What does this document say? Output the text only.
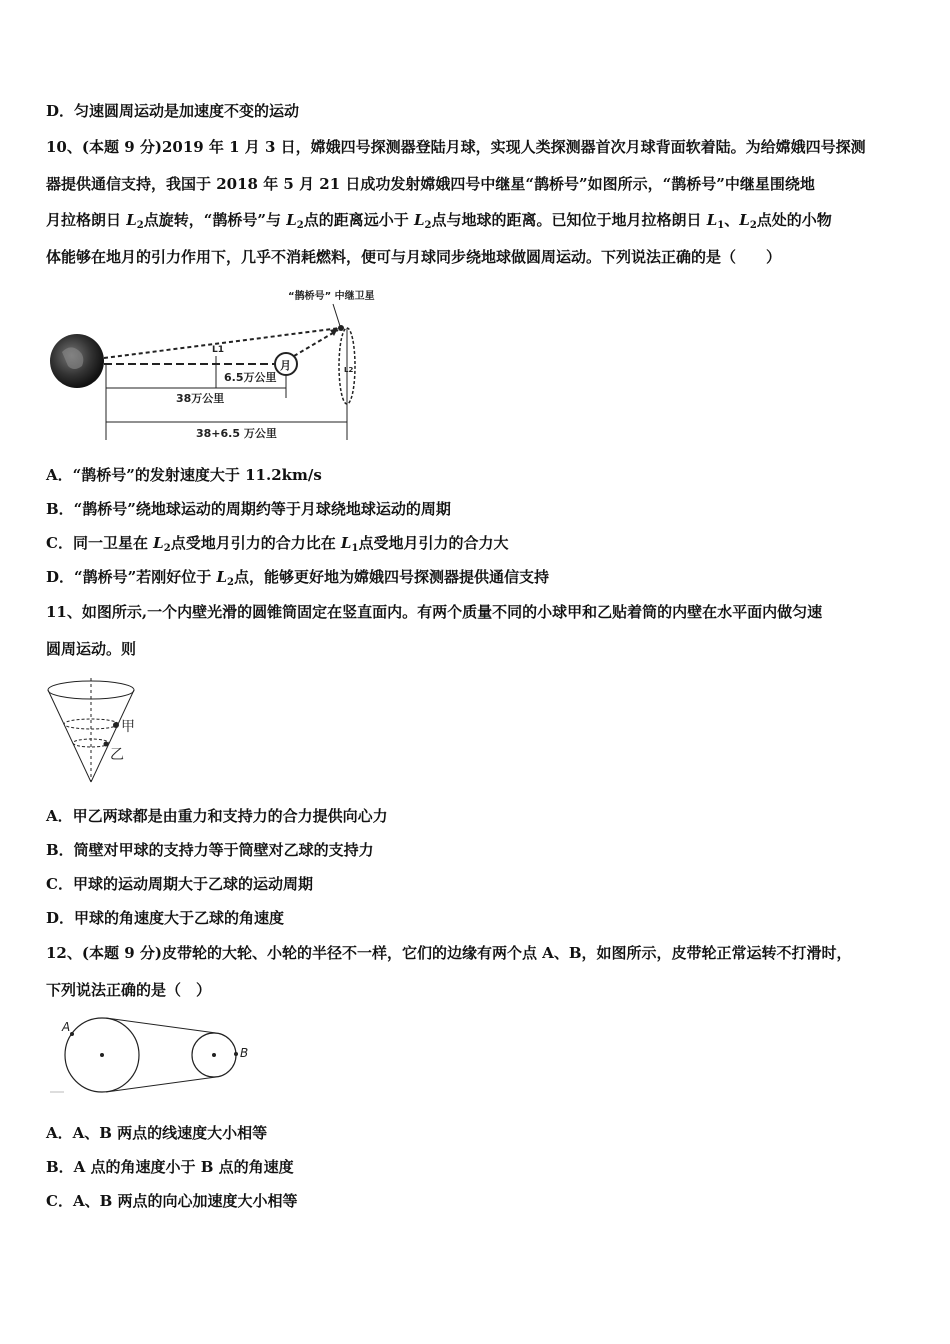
D．匀速圆周运动是加速度不变的运动
10、(本题 9 分)2019 年 1 月 3 日，嫦娥四号探测器登陆月球，实现人类探测器首次月球背面软着陆。为给嫦娥四号探测
器提供通信支持，我国于 2018 年 5 月 21 日成功发射嫦娥四号中继星“鹊桥号”如图所示，“鹊桥号”中继星围绕地
月拉格朗日 $L_2$点旋转，“鹊桥号”与 $L_2$点的距离远小于 $L_2$点与地球的距离。已知位于地月拉格朗日 $L_1$、$L_2$点处的小物
体能够在地月的引力作用下，几乎不消耗燃料，便可与月球同步绕地球做圆周运动。下列说法正确的是（　　）
“鹊桥号” 中继卫星
L1
月	L2
6.5万公里
38万公里
38+6.5 万公里
A．“鹊桥号”的发射速度大于 11.2km/s
B．“鹊桥号”绕地球运动的周期约等于月球绕地球运动的周期
C．同一卫星在 $L_2$点受地月引力的合力比在 $L_1$点受地月引力的合力大
D．“鹊桥号”若刚好位于 $L_2$点，能够更好地为嫦娥四号探测器提供通信支持
11、如图所示,一个内壁光滑的圆锥筒固定在竖直面内。有两个质量不同的小球甲和乙贴着筒的内壁在水平面内做匀速
圆周运动。则
甲
乙
A．甲乙两球都是由重力和支持力的合力提供向心力
B．筒壁对甲球的支持力等于筒壁对乙球的支持力
C．甲球的运动周期大于乙球的运动周期
D．甲球的角速度大于乙球的角速度
12、(本题 9 分)皮带轮的大轮、小轮的半径不一样，它们的边缘有两个点 A、B，如图所示，皮带轮正常运转不打滑时，
下列说法正确的是（　）
A
B
A．A、B 两点的线速度大小相等
B．A 点的角速度小于 B 点的角速度
C．A、B 两点的向心加速度大小相等
